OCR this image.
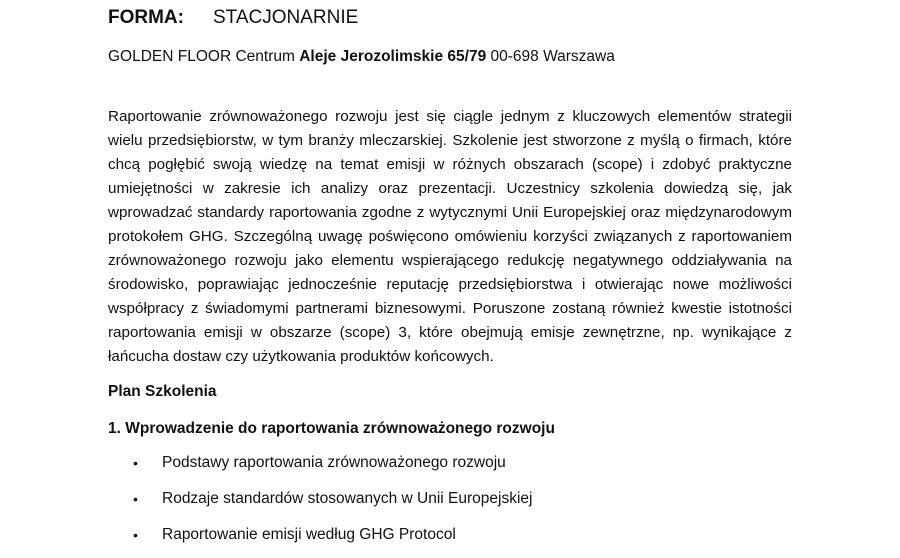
FORMA: STACJONARNIE
GOLDEN FLOOR Centrum Aleje Jerozolimskie 65/79 00-698 Warszawa

Raportowanie zrównoważonego rozwoju jest się ciągle jednym z kluczowych elementów strategii wielu przedsiębiorstw, w tym branży mleczarskiej. Szkolenie jest stworzone z myślą o firmach, które chcą pogłębić swoją wiedzę na temat emisji w różnych obszarach (scope) i zdobyć praktyczne umiejętności w zakresie ich analizy oraz prezentacji. Uczestnicy szkolenia dowiedzą się, jak wprowadzać standardy raportowania zgodne z wytycznymi Unii Europejskiej oraz międzynarodowym protokołem GHG. Szczególną uwagę poświęcono omówieniu korzyści związanych z raportowaniem zrównoważonego rozwoju jako elementu wspierającego redukcję negatywnego oddziaływania na środowisko, poprawiając jednocześnie reputację przedsiębiorstwa i otwierając nowe możliwości współpracy z świadomymi partnerami biznesowymi. Poruszone zostaną również kwestie istotności raportowania emisji w obszarze (scope) 3, które obejmują emisje zewnętrzne, np. wynikające z łańcucha dostaw czy użytkowania produktów końcowych.

Plan Szkolenia
1. Wprowadzenie do raportowania zrównoważonego rozwoju
• Podstawy raportowania zrównoważonego rozwoju
• Rodzaje standardów stosowanych w Unii Europejskiej
• Raportowanie emisji według GHG Protocol
